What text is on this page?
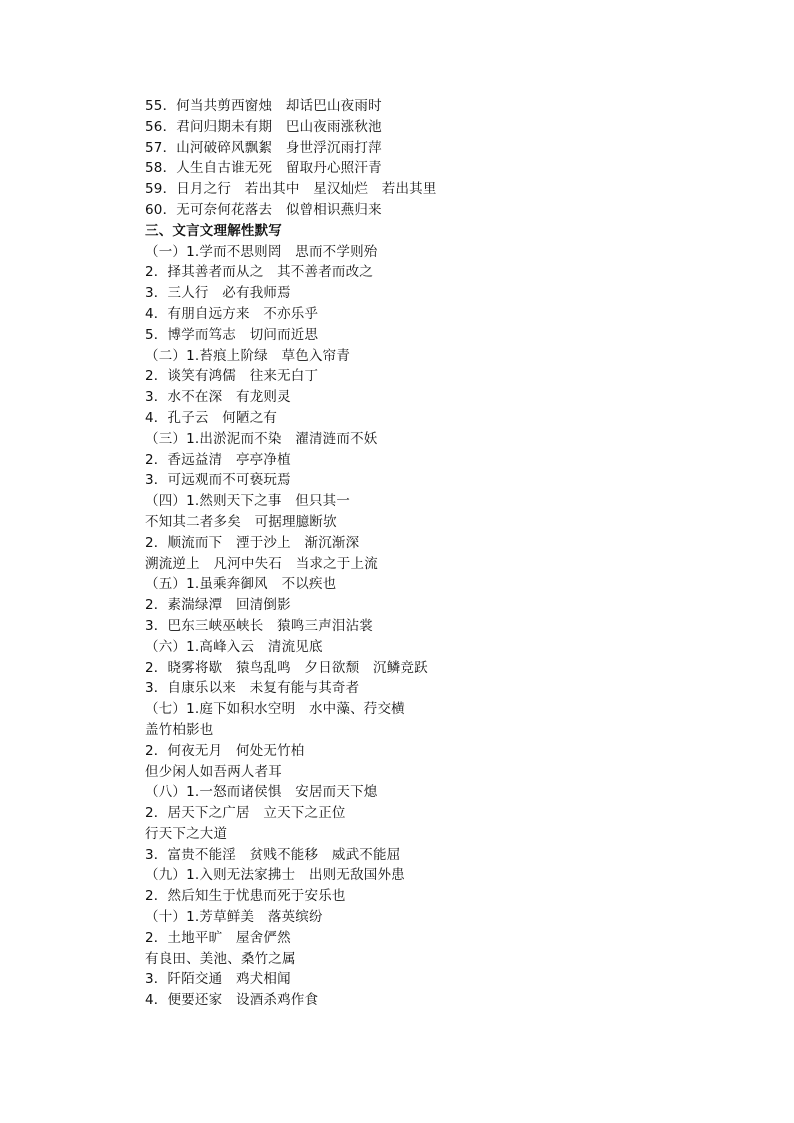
55．何当共剪西窗烛　却话巴山夜雨时
56．君问归期未有期　巴山夜雨涨秋池
57．山河破碎风飘絮　身世浮沉雨打萍
58．人生自古谁无死　留取丹心照汗青
59．日月之行　若出其中　星汉灿烂　若出其里
60．无可奈何花落去　似曾相识燕归来
三、文言文理解性默写
（一）1.学而不思则罔　思而不学则殆
2．择其善者而从之　其不善者而改之
3．三人行　必有我师焉
4．有朋自远方来　不亦乐乎
5．博学而笃志　切问而近思
（二）1.苔痕上阶绿　草色入帘青
2．谈笑有鸿儒　往来无白丁
3．水不在深　有龙则灵
4．孔子云　何陋之有
（三）1.出淤泥而不染　濯清涟而不妖
2．香远益清　亭亭净植
3．可远观而不可亵玩焉
（四）1.然则天下之事　但只其一
不知其二者多矣　可据理臆断欤
2．顺流而下　湮于沙上　渐沉渐深
溯流逆上　凡河中失石　当求之于上流
（五）1.虽乘奔御风　不以疾也
2．素湍绿潭　回清倒影
3．巴东三峡巫峡长　猿鸣三声泪沾裳
（六）1.高峰入云　清流见底
2．晓雾将歇　猿鸟乱鸣　夕日欲颓　沉鳞竞跃
3．自康乐以来　未复有能与其奇者
（七）1.庭下如积水空明　水中藻、荇交横
盖竹柏影也
2．何夜无月　何处无竹柏
但少闲人如吾两人者耳
（八）1.一怒而诸侯惧　安居而天下熄
2．居天下之广居　立天下之正位
行天下之大道
3．富贵不能淫　贫贱不能移　威武不能屈
（九）1.入则无法家拂士　出则无敌国外患
2．然后知生于忧患而死于安乐也
（十）1.芳草鲜美　落英缤纷
2．土地平旷　屋舍俨然
有良田、美池、桑竹之属
3．阡陌交通　鸡犬相闻
4．便要还家　设酒杀鸡作食
